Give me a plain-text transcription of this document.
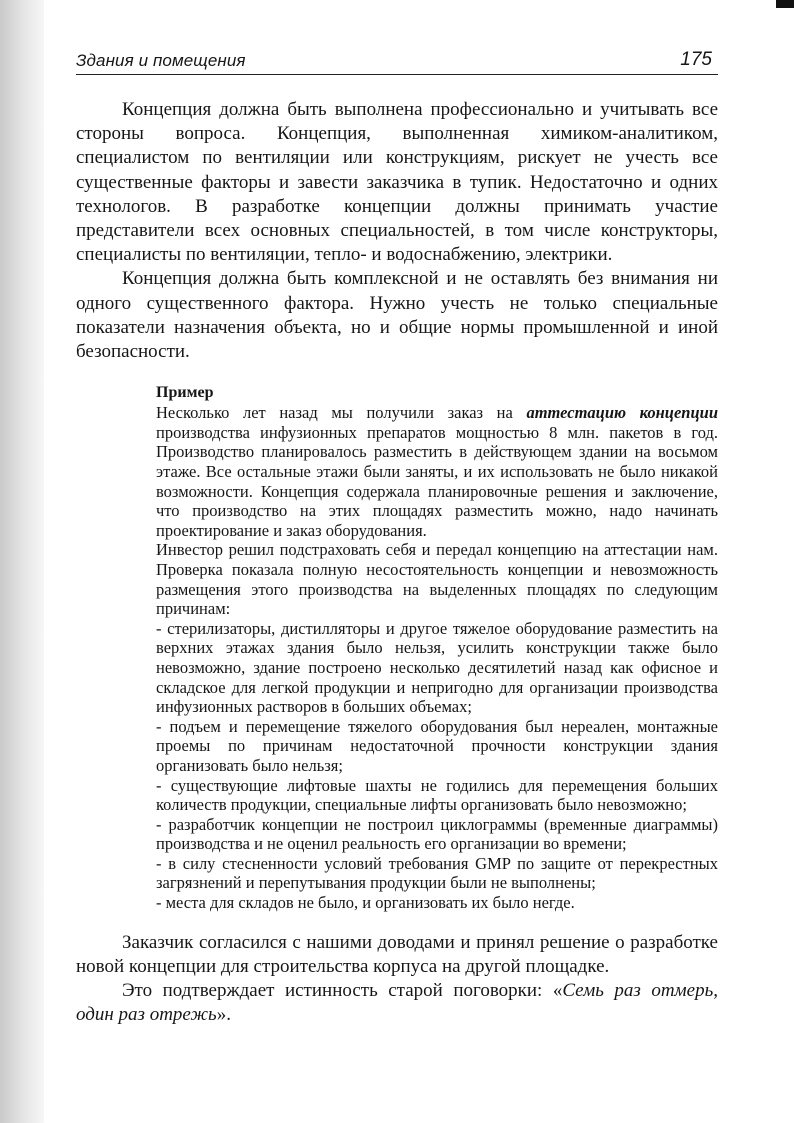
Здания и помещения	175

Концепция должна быть выполнена профессионально и учитывать все стороны вопроса. Концепция, выполненная химиком-аналитиком, специалистом по вентиляции или конструкциям, рискует не учесть все существенные факторы и завести заказчика в тупик. Недостаточно и одних технологов. В разработке концепции должны принимать участие представители всех основных специальностей, в том числе конструкторы, специалисты по вентиляции, тепло- и водоснабжению, электрики.

Концепция должна быть комплексной и не оставлять без внимания ни одного существенного фактора. Нужно учесть не только специальные показатели назначения объекта, но и общие нормы промышленной и иной безопасности.

Пример

Несколько лет назад мы получили заказ на аттестацию концепции производства инфузионных препаратов мощностью 8 млн. пакетов в год. Производство планировалось разместить в действующем здании на восьмом этаже. Все остальные этажи были заняты, и их использовать не было никакой возможности. Концепция содержала планировочные решения и заключение, что производство на этих площадях разместить можно, надо начинать проектирование и заказ оборудования.

Инвестор решил подстраховать себя и передал концепцию на аттестации нам. Проверка показала полную несостоятельность концепции и невозможность размещения этого производства на выделенных площадях по следующим причинам:

- стерилизаторы, дистилляторы и другое тяжелое оборудование разместить на верхних этажах здания было нельзя, усилить конструкции также было невозможно, здание построено несколько десятилетий назад как офисное и складское для легкой продукции и непригодно для организации производства инфузионных растворов в больших объемах;

- подъем и перемещение тяжелого оборудования был нереален, монтажные проемы по причинам недостаточной прочности конструкции здания организовать было нельзя;

- существующие лифтовые шахты не годились для перемещения больших количеств продукции, специальные лифты организовать было невозможно;

- разработчик концепции не построил циклограммы (временные диаграммы) производства и не оценил реальность его организации во времени;

- в силу стесненности условий требования GMP по защите от перекрестных загрязнений и перепутывания продукции были не выполнены;

- места для складов не было, и организовать их было негде.

Заказчик согласился с нашими доводами и принял решение о разработке новой концепции для строительства корпуса на другой площадке.

Это подтверждает истинность старой поговорки: «Семь раз отмерь, один раз отрежь».
